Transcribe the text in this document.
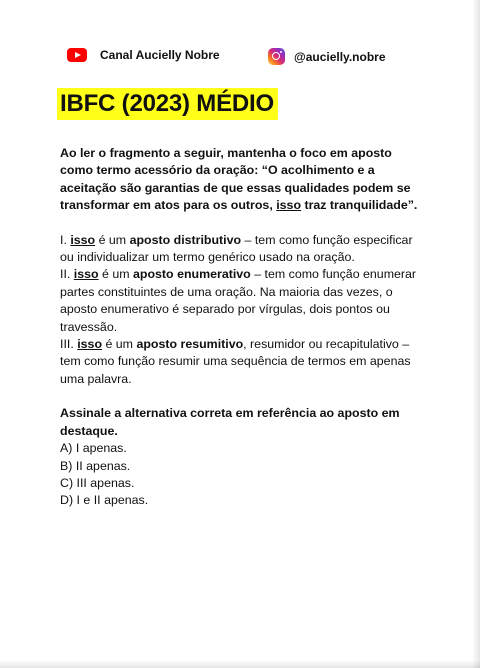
Canal Aucielly Nobre	@aucielly.nobre
IBFC (2023) MÉDIO

Ao ler o fragmento a seguir, mantenha o foco em aposto como termo acessório da oração: “O acolhimento e a aceitação são garantias de que essas qualidades podem se transformar em atos para os outros, isso traz tranquilidade”.

I. isso é um aposto distributivo – tem como função especificar ou individualizar um termo genérico usado na oração.

II. isso é um aposto enumerativo – tem como função enumerar partes constituintes de uma oração. Na maioria das vezes, o aposto enumerativo é separado por vírgulas, dois pontos ou travessão.

III. isso é um aposto resumitivo, resumidor ou recapitulativo – tem como função resumir uma sequência de termos em apenas uma palavra.

Assinale a alternativa correta em referência ao aposto em destaque.

A) I apenas.

B) II apenas.

C) III apenas.

D) I e II apenas.
